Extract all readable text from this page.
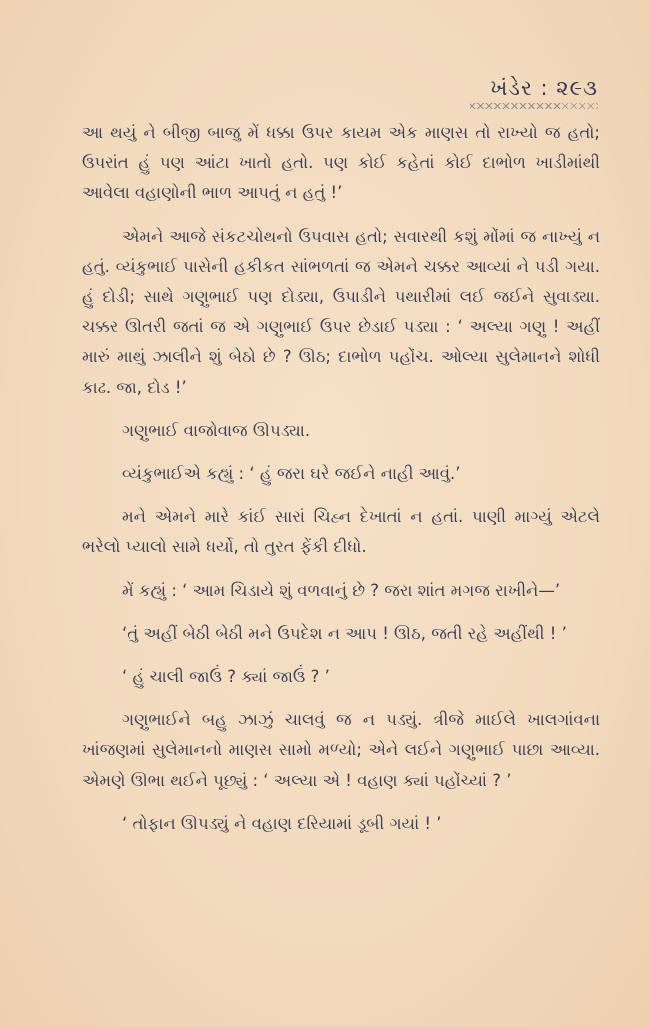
ખંડેર : ૨૯૩

આ થયું ને બીજી બાજુ મેં ધક્કા ઉપર કાયમ એક માણસ તો રાખ્યો જ હતો; ઉપરાંત હું પણ આંટા ખાતો હતો. પણ કોઈ કહેતાં કોઈ દાભોળ ખાડીમાંથી આવેલા વહાણોની ભાળ આપતું ન હતું !’

એમને આજે સંકટચોથનો ઉપવાસ હતો; સવારથી કશું મોંમાં જ નાખ્યું ન હતું. વ્યંકુભાઈ પાસેની હકીકત સાંભળતાં જ એમને ચક્કર આવ્યાં ને પડી ગયા. હું દોડી; સાથે ગણુભાઈ પણ દોડ્યા, ઉપાડીને પથારીમાં લઈ જઈને સુવાડ્યા. ચક્કર ઊતરી જતાં જ એ ગણુભાઈ ઉપર છેડાઈ પડ્યા : ‘ અલ્યા ગણુ ! અહીં મારું માથું ઝાલીને શું બેઠો છે ? ઊઠ; દાભોળ પહોંચ. ઓલ્યા સુલેમાનને શોધી કાઢ. જા, દોડ !’

ગણુભાઈ વાજોવાજ ઊપડ્યા.

વ્યંકુભાઈએ કહ્યું : ‘ હું જરા ઘરે જઈને નાહી આવું.’

મને એમને મારે કાંઈ સારાં ચિહ્ન દેખાતાં ન હતાં. પાણી માગ્યું એટલે ભરેલો પ્યાલો સામે ધર્યો, તો તુરત ફેંકી દીધો.

મેં કહ્યું : ‘ આમ ચિડાયે શું વળવાનું છે ? જરા શાંત મગજ રાખીને—’

‘તું અહીં બેઠી બેઠી મને ઉપદેશ ન આપ ! ઊઠ, જતી રહે અહીંથી ! ’

‘ હું ચાલી જાઉં ? ક્યાં જાઉં ? ’

ગણુભાઈને બહુ ઝાઝું ચાલવું જ ન પડ્યું. ત્રીજે માઈલે ખાલગાંવના ખાંજણમાં સુલેમાનનો માણસ સામો મળ્યો; એને લઈને ગણુભાઈ પાછા આવ્યા. એમણે ઊભા થઈને પૂછ્યું : ‘ અલ્યા એ ! વહાણ ક્યાં પહોંચ્યાં ? ’

‘ તોફાન ઊપડ્યું ને વહાણ દરિયામાં ડૂબી ગયાં ! ’
